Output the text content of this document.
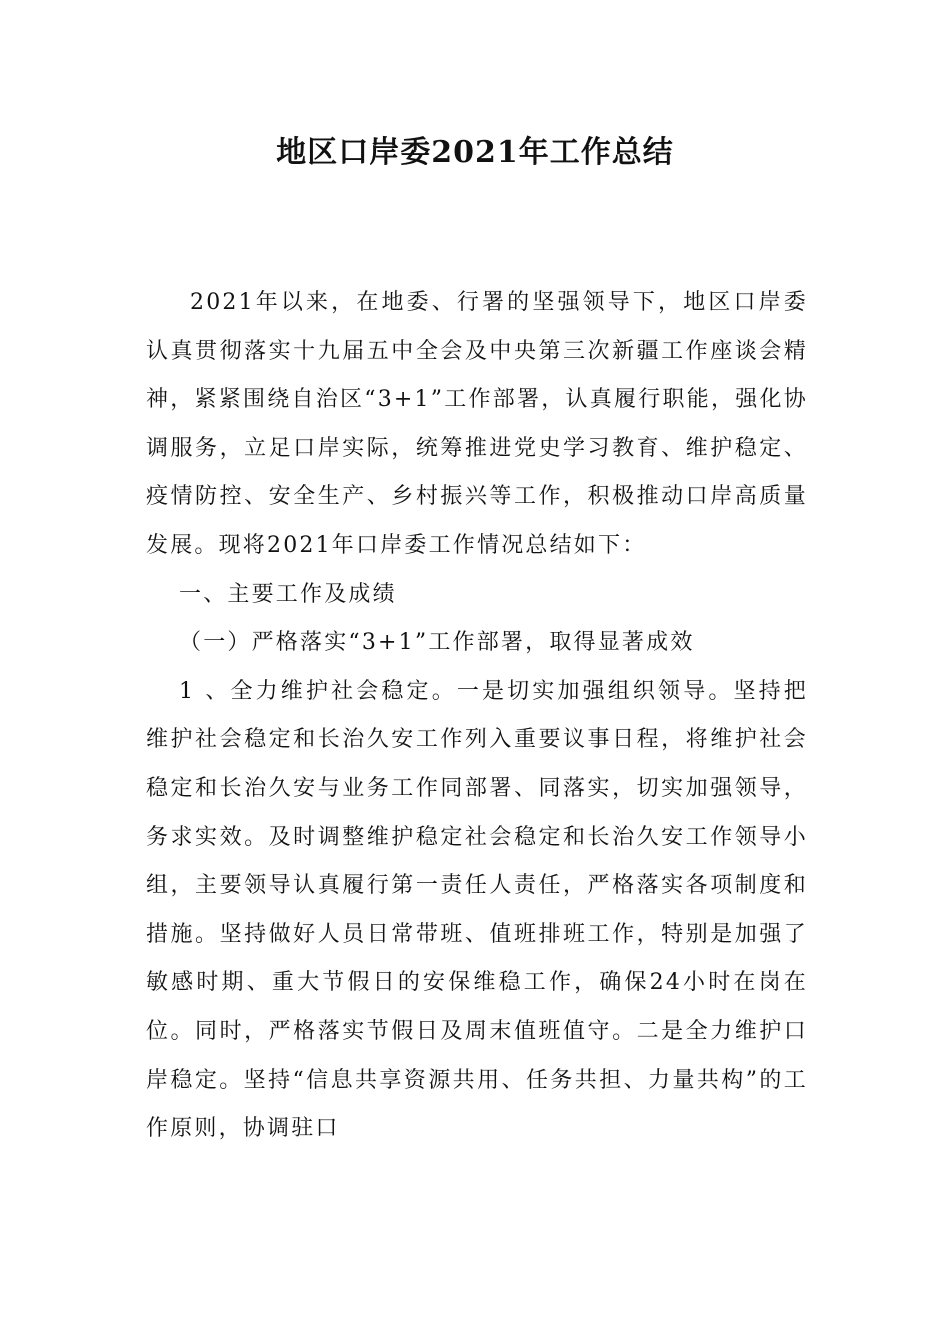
地区口岸委2021年工作总结

2021年以来，在地委、行署的坚强领导下，地区口岸委认真贯彻落实十九届五中全会及中央第三次新疆工作座谈会精神，紧紧围绕自治区“3+1”工作部署，认真履行职能，强化协调服务，立足口岸实际，统筹推进党史学习教育、维护稳定、疫情防控、安全生产、乡村振兴等工作，积极推动口岸高质量发展。现将2021年口岸委工作情况总结如下：

一、主要工作及成绩

（一）严格落实“3+1”工作部署，取得显著成效

1 、全力维护社会稳定。一是切实加强组织领导。坚持把维护社会稳定和长治久安工作列入重要议事日程，将维护社会稳定和长治久安与业务工作同部署、同落实，切实加强领导，务求实效。及时调整维护稳定社会稳定和长治久安工作领导小组，主要领导认真履行第一责任人责任，严格落实各项制度和措施。坚持做好人员日常带班、值班排班工作，特别是加强了敏感时期、重大节假日的安保维稳工作，确保24小时在岗在位。同时，严格落实节假日及周末值班值守。二是全力维护口岸稳定。坚持“信息共享资源共用、任务共担、力量共构”的工作原则，协调驻口
